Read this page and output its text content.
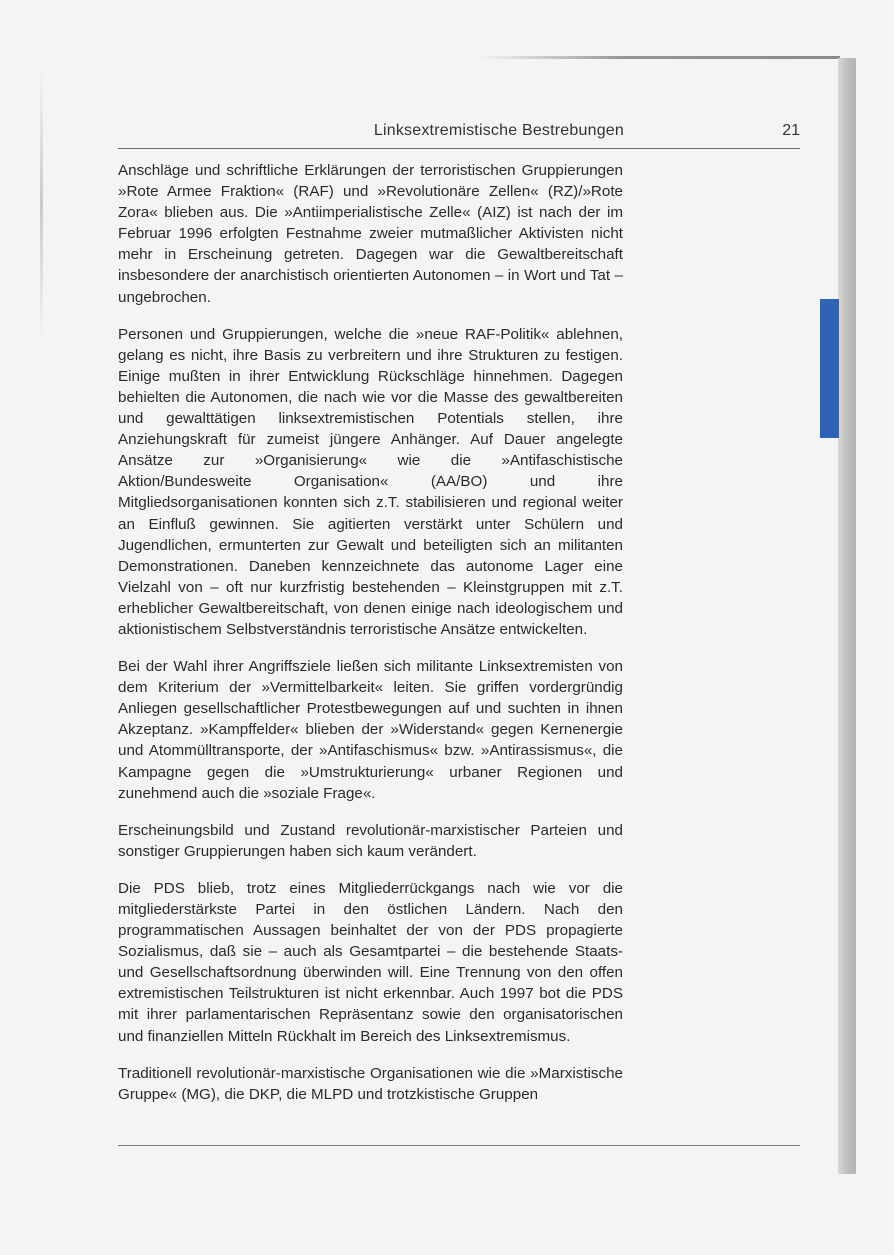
Linksextremistische Bestrebungen	21

Anschläge und schriftliche Erklärungen der terroristischen Gruppierungen »Rote Armee Fraktion« (RAF) und »Revolutionäre Zellen« (RZ)/»Rote Zora« blieben aus. Die »Antiimperialistische Zelle« (AIZ) ist nach der im Februar 1996 erfolgten Festnahme zweier mutmaßlicher Aktivisten nicht mehr in Erscheinung getreten. Dagegen war die Gewaltbereitschaft insbesondere der anarchistisch orientierten Autonomen – in Wort und Tat – ungebrochen.

Personen und Gruppierungen, welche die »neue RAF-Politik« ablehnen, gelang es nicht, ihre Basis zu verbreitern und ihre Strukturen zu festigen. Einige mußten in ihrer Entwicklung Rückschläge hinnehmen. Dagegen behielten die Autonomen, die nach wie vor die Masse des gewaltbereiten und gewalttätigen linksextremistischen Potentials stellen, ihre Anziehungskraft für zumeist jüngere Anhänger. Auf Dauer angelegte Ansätze zur »Organisierung« wie die »Antifaschistische Aktion/Bundesweite Organisation« (AA/BO) und ihre Mitgliedsorganisationen konnten sich z.T. stabilisieren und regional weiter an Einfluß gewinnen. Sie agitierten verstärkt unter Schülern und Jugendlichen, ermunterten zur Gewalt und beteiligten sich an militanten Demonstrationen. Daneben kennzeichnete das autonome Lager eine Vielzahl von – oft nur kurzfristig bestehenden – Kleinstgruppen mit z.T. erheblicher Gewaltbereitschaft, von denen einige nach ideologischem und aktionistischem Selbstverständnis terroristische Ansätze entwickelten.

Bei der Wahl ihrer Angriffsziele ließen sich militante Linksextremisten von dem Kriterium der »Vermittelbarkeit« leiten. Sie griffen vordergründig Anliegen gesellschaftlicher Protestbewegungen auf und suchten in ihnen Akzeptanz. »Kampffelder« blieben der »Widerstand« gegen Kernenergie und Atommülltransporte, der »Antifaschismus« bzw. »Antirassismus«, die Kampagne gegen die »Umstrukturierung« urbaner Regionen und zunehmend auch die »soziale Frage«.

Erscheinungsbild und Zustand revolutionär-marxistischer Parteien und sonstiger Gruppierungen haben sich kaum verändert.

Die PDS blieb, trotz eines Mitgliederrückgangs nach wie vor die mitgliederstärkste Partei in den östlichen Ländern. Nach den programmatischen Aussagen beinhaltet der von der PDS propagierte Sozialismus, daß sie – auch als Gesamtpartei – die bestehende Staats- und Gesellschaftsordnung überwinden will. Eine Trennung von den offen extremistischen Teilstrukturen ist nicht erkennbar. Auch 1997 bot die PDS mit ihrer parlamentarischen Repräsentanz sowie den organisatorischen und finanziellen Mitteln Rückhalt im Bereich des Linksextremismus.

Traditionell revolutionär-marxistische Organisationen wie die »Marxistische Gruppe« (MG), die DKP, die MLPD und trotzkistische Gruppen
